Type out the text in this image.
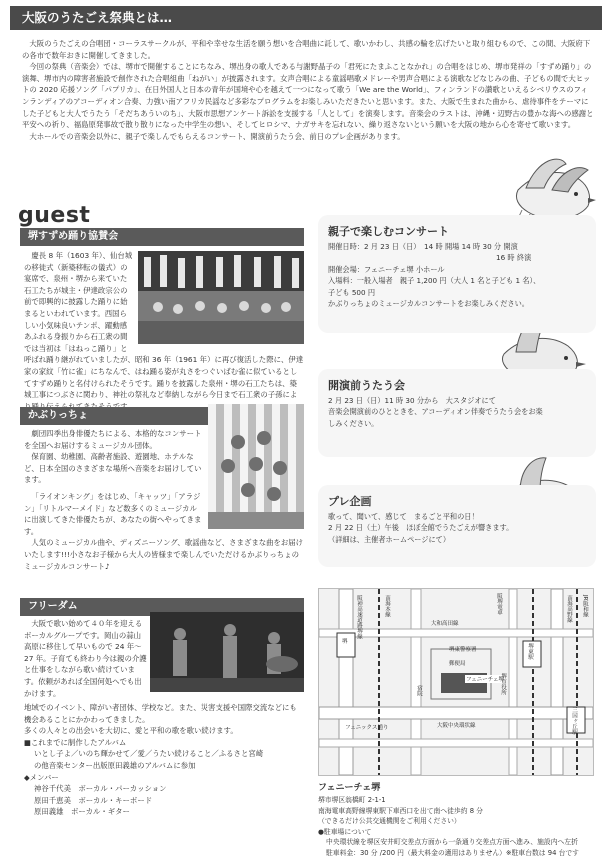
大阪のうたごえ祭典とは…

大阪のうたごえの合唱団・コーラスサークルが、平和や幸せな生活を願う想いを合唱曲に託して、歌いかわし、共感の輪を広げたいと取り組むもので、この間、大阪府下の各市で数年おきに開催してきました。

今回の祭典（音楽会）では、堺市で開催することにちなみ、堺出身の歌人である与謝野晶子の「君死にたまふことなかれ」の合唱をはじめ、堺市発祥の「すずめ踊り」の演舞、堺市内の障害者施設で創作された合唱組曲「ねがい」が披露されます。女声合唱による童謡唱歌メドレーや男声合唱による演歌などなじみの曲、子どもの間で大ヒットの 2020 応援ソング「パプリカ」、在日外国人と日本の青年が国境や心を越えて一つになって歌う「We are the World」、フィンランドの讃歌といえるシベリウスのフィンランディアのアコーディオン合奏、力強い南アフリカ民謡など多彩なプログラムをお楽しみいただきたいと思います。また、大阪で生まれた曲から、虐待事件をテーマにした子どもと大人でうたう「そだちあういのち」、大阪市思想アンケート訴訟を支援する「人として」を演奏します。音楽会のラストは、沖縄・辺野古の豊かな海への感謝と平安への祈り、福島原発事故で散り散りになった中学生の想い、そしてヒロシマ、ナガサキを忘れない、繰り返さないという願いを大阪の地から心を寄せて歌います。

大ホールでの音楽会以外に、親子で楽しんでもらえるコンサート、開演前うたう会、前日のプレ企画があります。

guest
堺すずめ踊り協賛会

慶長 8 年（1603 年）、仙台城の移徙式（新築移転の儀式）の宴席で、泉州・堺から来ていた石工たちが城主・伊達政宗公の前で即興的に披露した踊りに始まるといわれています。西国ら しい小気味良いテンポ、躍動感あふれる身振りから石工衆の間では当初は「はねっこ踊り」と呼ばれ踊り継がれていましたが、昭和 36 年（1961 年）に再び復活した際に、伊達家の家紋「竹に雀」にちなんで、はね踊る姿が丸さをつぐいばむ雀に似ているとしてすずめ踊りと名付けられたそうです。踊りを披露した泉州・堺の石工たちは、築城工事につぶさに関わり、神社の祭礼など奉納しながら今日まで石工衆の子孫によ

かぶりっちょ

劇団四季出身俳優たちによる、本格的なコンサートを全国へお届けするミュージカル団体。

保育園、幼稚園、高齢者施設、遊園地、ホテルなど、日本全国のさまざまな場所へ音楽をお届けしています。

「ライオンキング」をはじめ、「キャッツ」「アラジン」「リトルマーメイド」など数多くのミュージカルに出演してきた俳優たちが、あなたの街へやってきます。

人気のミュージカル曲や、ディズニーソング、歌謡曲など、さまざまな曲をお届けいたします!!!小さなお子様から大人の皆様まで楽しんでいただけるかぶりっちょのミュージカルコンサート♪

フリーダム

大阪で歌い始めて４０年を迎えるボーカルグループです。岡山の蒜山高原に移住して早いもので 24 年～ 27 年。子育ても終わり今は親の介護と仕事をしながら歌い続けています。依頼があれば全国何処へでも出かけます。

地域でのイベント、障がい者団体、学校など。また、災害支援や国際交流などにも機会あることにかかわってきました。

多くの人々との出会いを大切に、愛と平和の歌を歌い続けます。

■これまでに制作したアルバム

いとし子よ／いのち輝かせて／愛／うたい続けること／ふるさと宮崎

の他音楽センター出版原田義雄のアルバムに参加

◆メンバー

神谷千代美　ボーカル・パーカッション

原田千恵美　ボーカル・キーボード

原田義雄　ボーカル・ギター

親子で楽しむコンサート

開催日時：2 月 23 日（日）　14 時 開場 14 時 30 分 開演

16 時 終演

開催会場：フェニーチェ堺 小ホール

入場料：一般入場者　親子 1,200 円（大人 1 名と子ども 1 名）、

子ども 500 円

かぶりっちょのミュージカルコンサートをお楽しみください。

開演前うたう会

2 月 23 日（日）11 時 30 分から　大スタジオにて

音楽会開演前のひとときを、アコーディオン伴奏でうたう会をお楽

しみください。

プレ企画

歌って、聞いて、感じて　まるごと平和の日！

2 月 22 日（土）午後　ほぼ全館でうたごえが響きます。

（詳細は、主催者ホームページにて）

阪神高速道路堺線	南海本線
大和高田線
阪堺電車
堺
堺東駅
フェニーチェ堺
フェニックス通り	大阪中央環状線	三国ヶ丘駅
南海高野線
郵便局
堺市役所
堺東警察署
宿院
JR阪和線
フェニーチェ堺
堺市堺区翁橋町 2-1-1
南海電車高野線堺東駅下車西口を出て南へ徒歩約 8 分
（できるだけ公共交通機関をご利用ください）
●駐車場について
中央環状線を堺区安井町交差点方面から一条通り交差点方面へ進み、施設内へ左折
駐車料金：30 分 /200 円（最大料金の適用はありません）※駐車台数は 94 台です
